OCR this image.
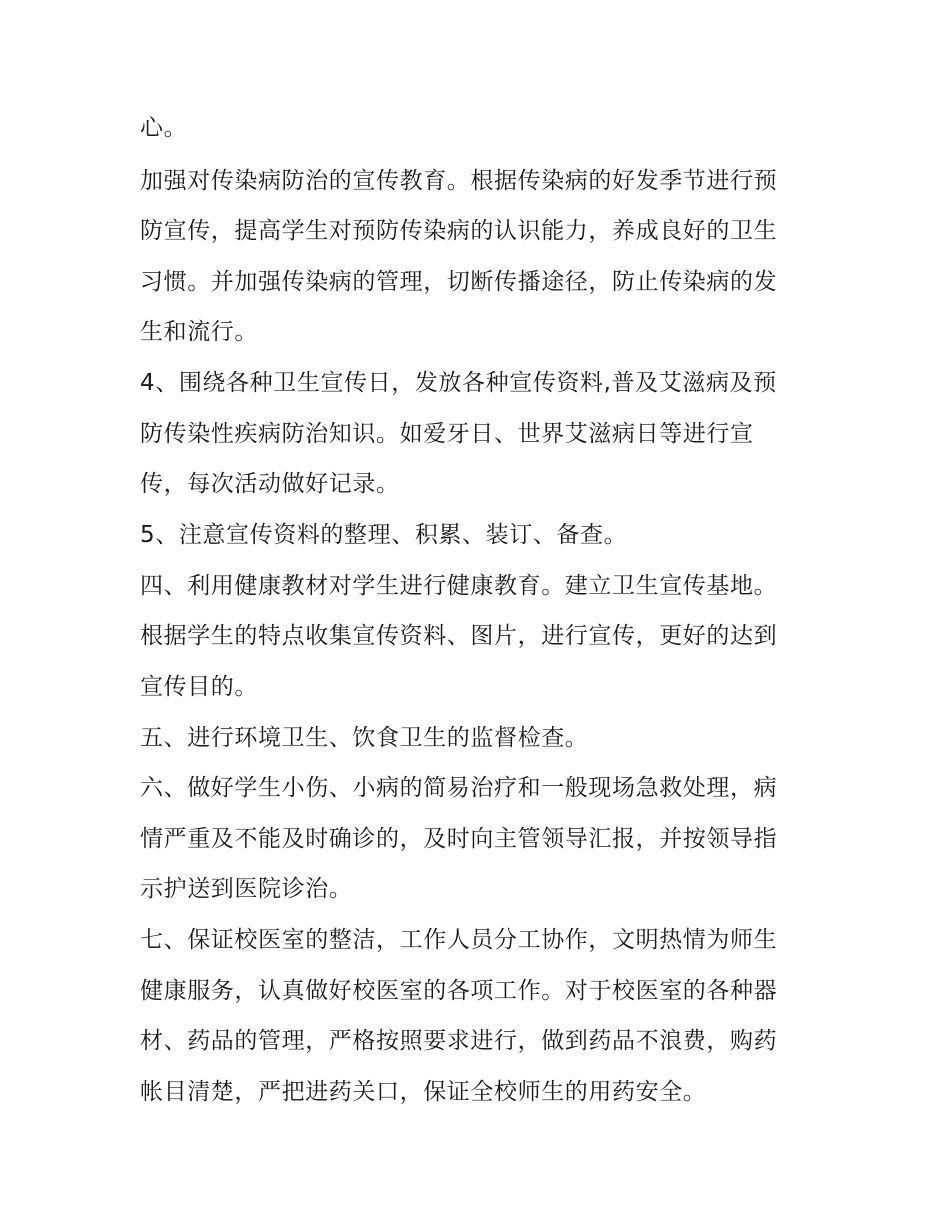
心。
加强对传染病防治的宣传教育。根据传染病的好发季节进行预
防宣传，提高学生对预防传染病的认识能力，养成良好的卫生
习惯。并加强传染病的管理，切断传播途径，防止传染病的发
生和流行。
4、围绕各种卫生宣传日，发放各种宣传资料,普及艾滋病及预
防传染性疾病防治知识。如爱牙日、世界艾滋病日等进行宣
传，每次活动做好记录。
5、注意宣传资料的整理、积累、装订、备查。
四、利用健康教材对学生进行健康教育。建立卫生宣传基地。
根据学生的特点收集宣传资料、图片，进行宣传，更好的达到
宣传目的。
五、进行环境卫生、饮食卫生的监督检查。
六、做好学生小伤、小病的简易治疗和一般现场急救处理，病
情严重及不能及时确诊的，及时向主管领导汇报，并按领导指
示护送到医院诊治。
七、保证校医室的整洁，工作人员分工协作，文明热情为师生
健康服务，认真做好校医室的各项工作。对于校医室的各种器
材、药品的管理，严格按照要求进行，做到药品不浪费，购药
帐目清楚，严把进药关口，保证全校师生的用药安全。
